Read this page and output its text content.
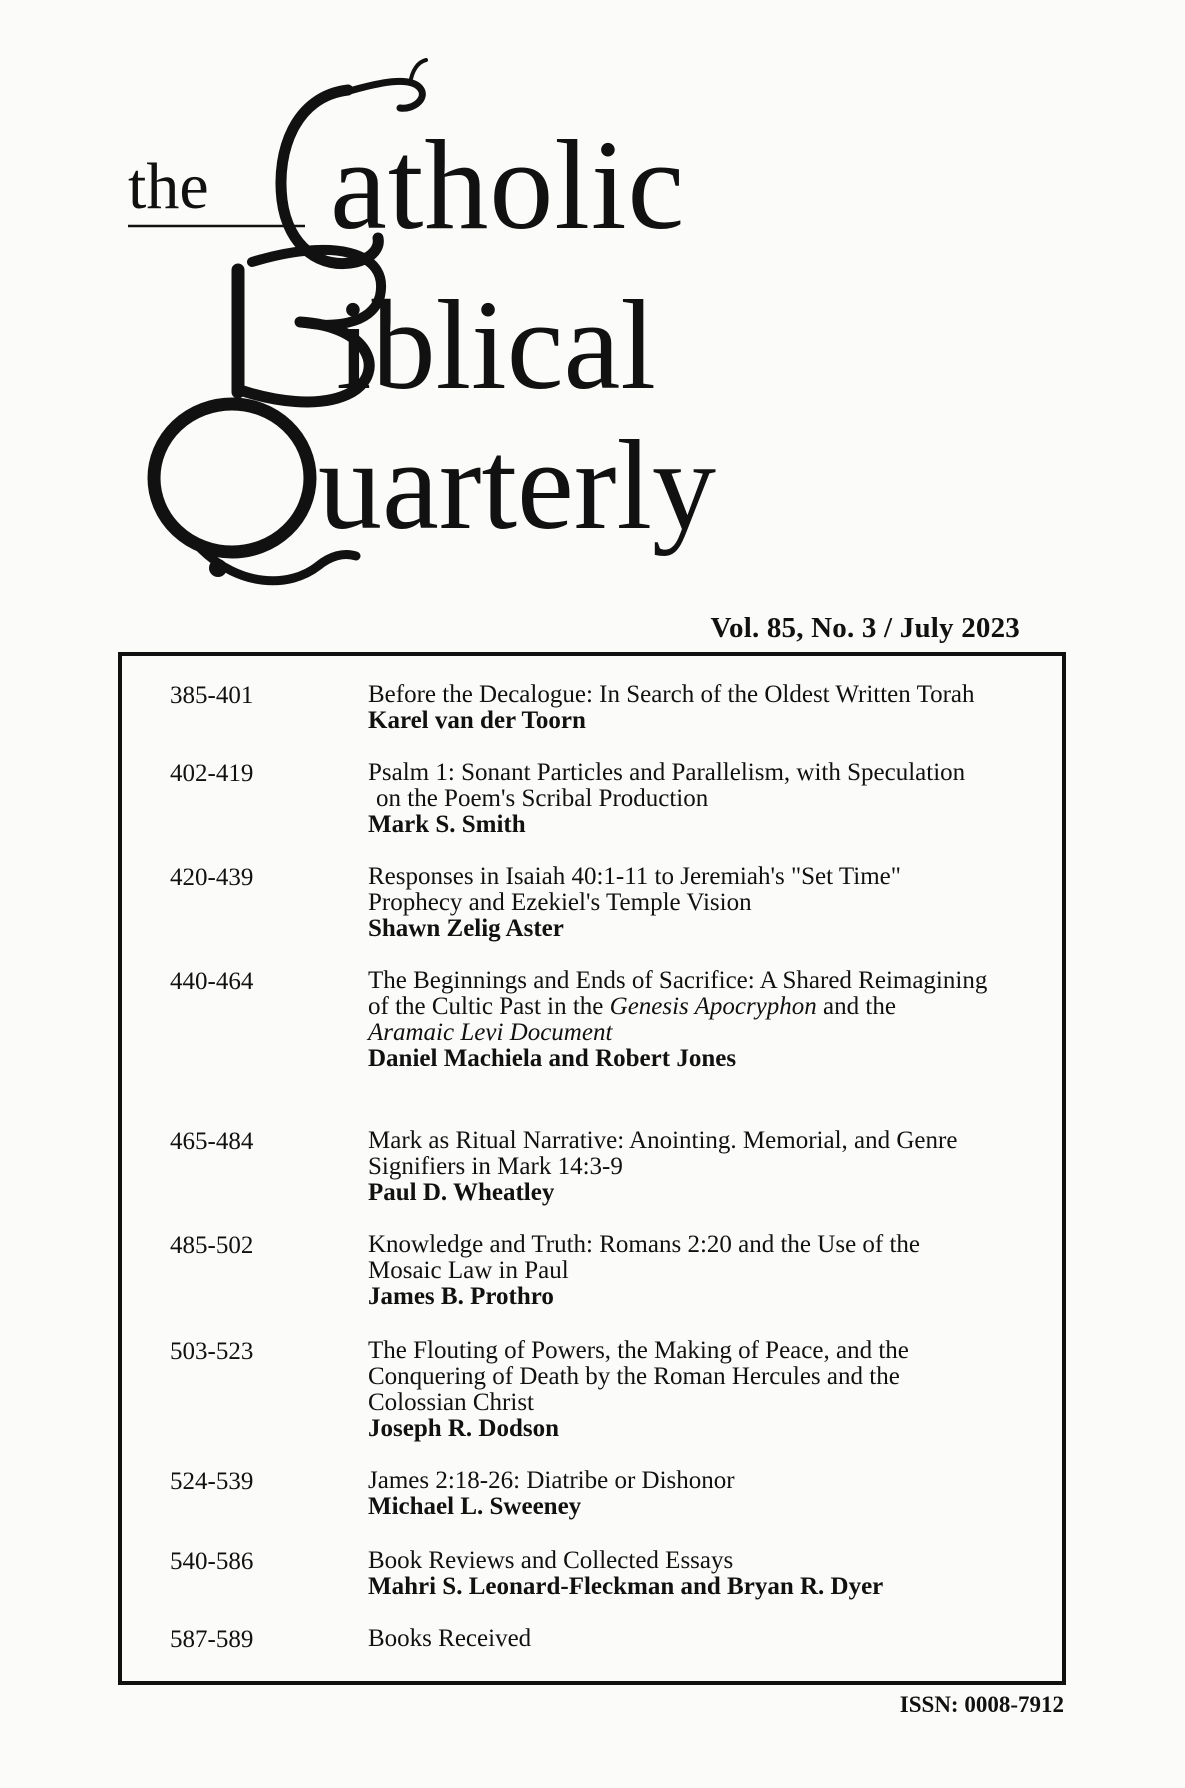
the atholic
iblical
uarterly
Vol. 85, No. 3 / July 2023
385-401	Before the Decalogue: In Search of the Oldest Written Torah
Karel van der Toorn
402-419	Psalm 1: Sonant Particles and Parallelism, with Speculation
on the Poem's Scribal Production
Mark S. Smith
420-439	Responses in Isaiah 40:1-11 to Jeremiah's "Set Time"
Prophecy and Ezekiel's Temple Vision
Shawn Zelig Aster
440-464	The Beginnings and Ends of Sacrifice: A Shared Reimagining
of the Cultic Past in the Genesis Apocryphon and the
Aramaic Levi Document
Daniel Machiela and Robert Jones
465-484	Mark as Ritual Narrative: Anointing. Memorial, and Genre
Signifiers in Mark 14:3-9
Paul D. Wheatley
485-502	Knowledge and Truth: Romans 2:20 and the Use of the
Mosaic Law in Paul
James B. Prothro
503-523	The Flouting of Powers, the Making of Peace, and the
Conquering of Death by the Roman Hercules and the
Colossian Christ
Joseph R. Dodson
524-539	James 2:18-26: Diatribe or Dishonor
Michael L. Sweeney
540-586	Book Reviews and Collected Essays
Mahri S. Leonard-Fleckman and Bryan R. Dyer
587-589	Books Received
ISSN: 0008-7912
